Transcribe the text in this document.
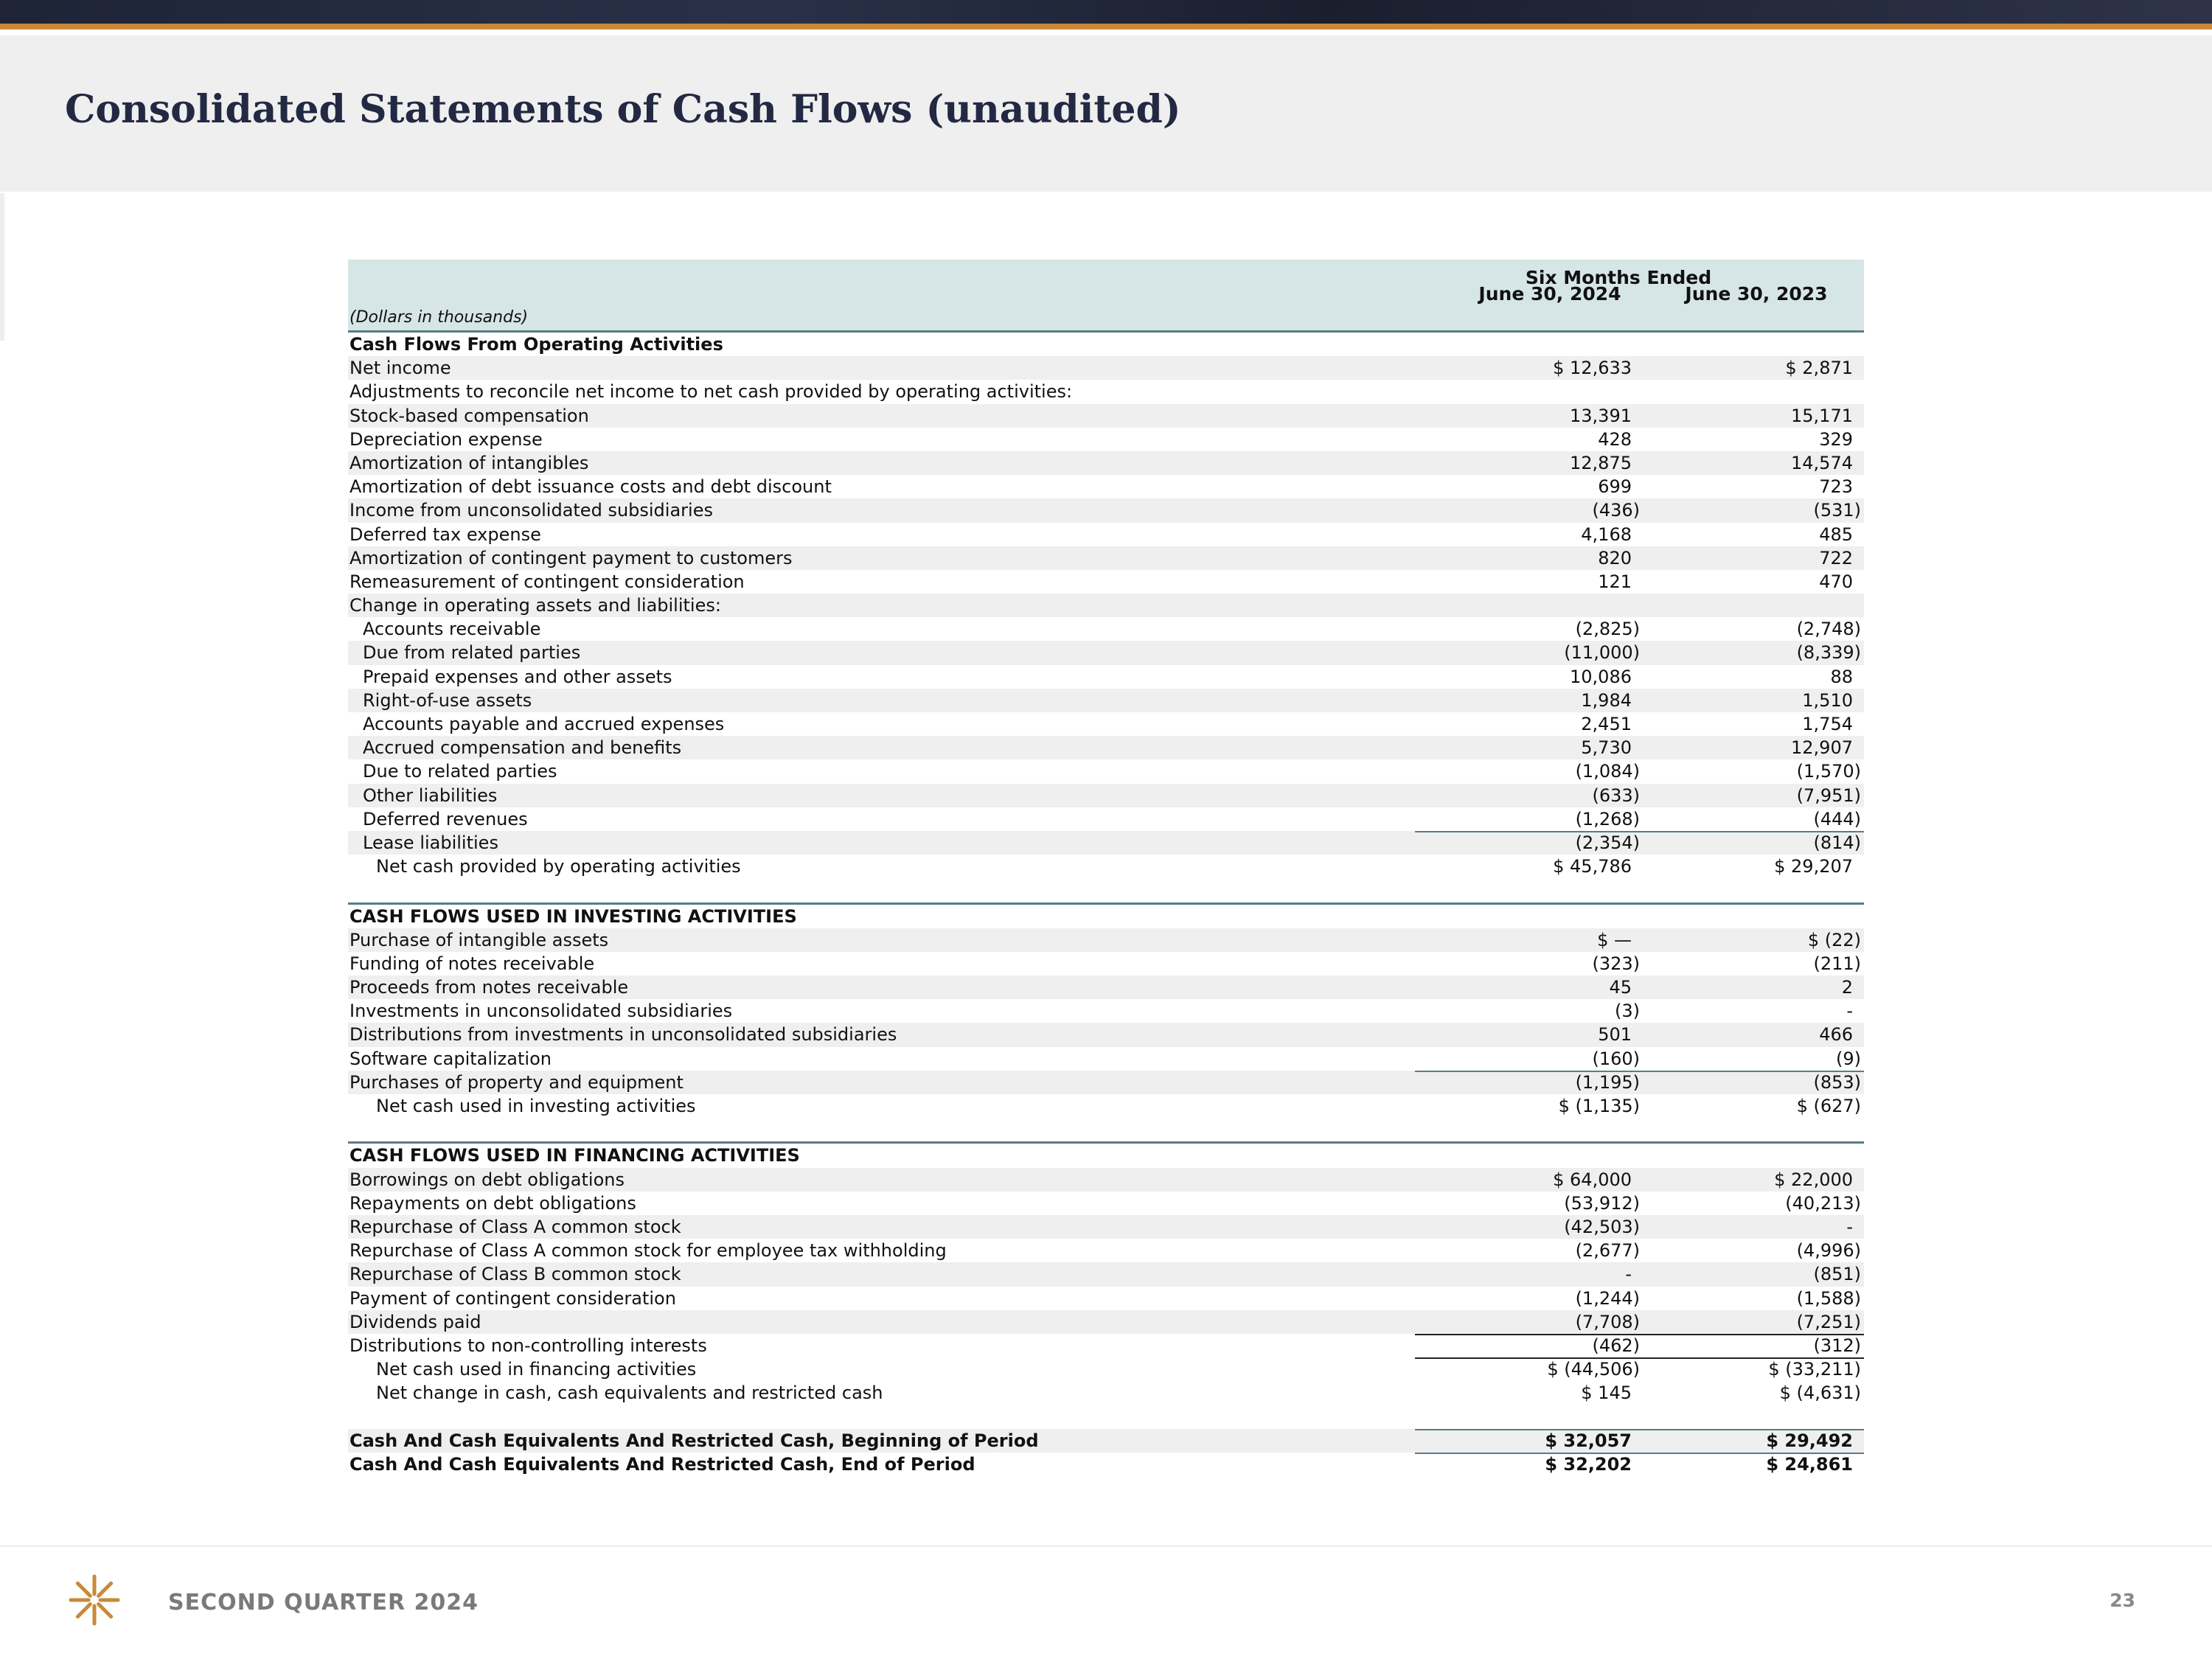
Consolidated Statements of Cash Flows (unaudited)
Six Months Ended
June 30, 2024	June 30, 2023
(Dollars in thousands)
Cash Flows From Operating Activities
Net income	$ 12,633	$ 2,871
Adjustments to reconcile net income to net cash provided by operating activities:
Stock-based compensation	13,391	15,171
Depreciation expense	428	329
Amortization of intangibles	12,875	14,574
Amortization of debt issuance costs and debt discount	699	723
Income from unconsolidated subsidiaries	(436)	(531)
Deferred tax expense	4,168	485
Amortization of contingent payment to customers	820	722
Remeasurement of contingent consideration	121	470
Change in operating assets and liabilities:
Accounts receivable	(2,825)	(2,748)
Due from related parties	(11,000)	(8,339)
Prepaid expenses and other assets	10,086	88
Right-of-use assets	1,984	1,510
Accounts payable and accrued expenses	2,451	1,754
Accrued compensation and benefits	5,730	12,907
Due to related parties	(1,084)	(1,570)
Other liabilities	(633)	(7,951)
Deferred revenues	(1,268)	(444)
Lease liabilities	(2,354)	(814)
Net cash provided by operating activities	$ 45,786	$ 29,207
CASH FLOWS USED IN INVESTING ACTIVITIES
Purchase of intangible assets	$ —	$ (22)
Funding of notes receivable	(323)	(211)
Proceeds from notes receivable	45	2
Investments in unconsolidated subsidiaries	(3)	-
Distributions from investments in unconsolidated subsidiaries	501	466
Software capitalization	(160)	(9)
Purchases of property and equipment	(1,195)	(853)
Net cash used in investing activities	$ (1,135)	$ (627)
CASH FLOWS USED IN FINANCING ACTIVITIES
Borrowings on debt obligations	$ 64,000	$ 22,000
Repayments on debt obligations	(53,912)	(40,213)
Repurchase of Class A common stock	(42,503)	-
Repurchase of Class A common stock for employee tax withholding	(2,677)	(4,996)
Repurchase of Class B common stock	-	(851)
Payment of contingent consideration	(1,244)	(1,588)
Dividends paid	(7,708)	(7,251)
Distributions to non-controlling interests	(462)	(312)
Net cash used in financing activities	$ (44,506)	$ (33,211)
Net change in cash, cash equivalents and restricted cash	$ 145	$ (4,631)
Cash And Cash Equivalents And Restricted Cash, Beginning of Period	$ 32,057	$ 29,492
Cash And Cash Equivalents And Restricted Cash, End of Period	$ 32,202	$ 24,861
SECOND QUARTER 2024	23
